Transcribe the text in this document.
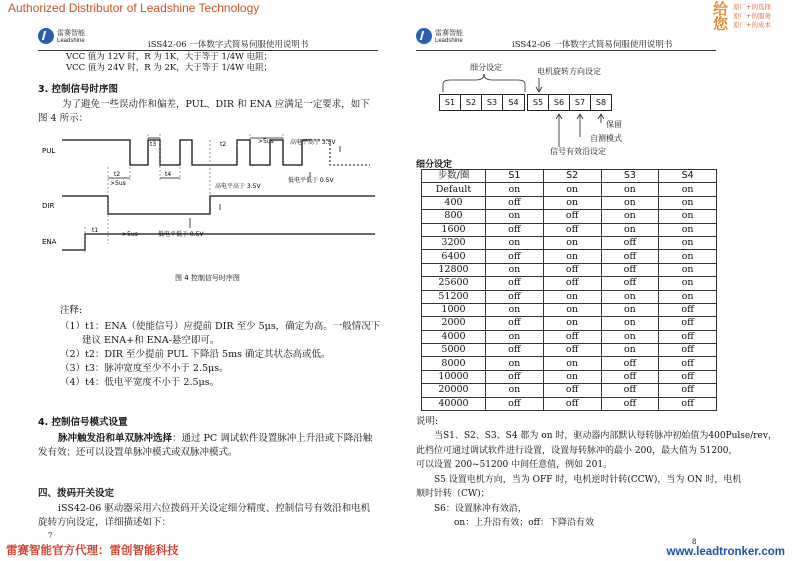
Authorized Distributor of Leadshine Technology	给您
原厂+的选择
原厂+的服务
原厂+的成本
雷赛智能
Leadshine	iSS42-06 一体数字式简易伺服使用说明书
VCC 值为 12V 时，R 为 1K，大于等于 1/4W 电阻；
VCC 值为 24V 时，R 为 2K，大于等于 1/4W 电阻；
3. 控制信号时序图
为了避免一些误动作和偏差，PUL、DIR 和 ENA 应满足一定要求，如下
图 4 所示：
PUL
DIR
ENA
t3	t2	>5us	高电平高于 3.5V
t2
>5us
t4
低电平低于 0.5V
高电平高于 3.5V
低电平低于 0.5V
t1
>5us
图 4 控制信号时序图
注释:
（1）t1：ENA（使能信号）应提前 DIR 至少 5μs，确定为高。一般情况下
建议 ENA+和 ENA-悬空即可。
（2）t2：DIR 至少提前 PUL 下降沿 5ms 确定其状态高或低。
（3）t3：脉冲宽度至少不小于 2.5μs。
（4）t4：低电平宽度不小于 2.5μs。
4. 控制信号模式设置
脉冲触发沿和单双脉冲选择：通过 PC 调试软件设置脉冲上升沿或下降沿触
发有效；还可以设置单脉冲模式或双脉冲模式。
四、拨码开关设定
iSS42-06 驱动器采用六位拨码开关设定细分精度、控制信号有效沿和电机
旋转方向设定，详细描述如下：
7
雷赛智能
Leadshine	iSS42-06 一体数字式简易伺服使用说明书
细分设定	电机旋转方向设定
S1	S2	S3	S4	S5	S6	S7	S8
保留
自测模式
信号有效沿设定
细分设定
步数/圈	S1	S2	S3	S4
Default	on	on	on	on
400	off	on	on	on
800	on	off	on	on
1600	off	off	on	on
3200	on	on	off	on
6400	off	on	off	on
12800	on	off	off	on
25600	off	off	off	on
51200	off	on	on	on
1000	on	on	on	off
2000	off	on	on	off
4000	on	off	on	off
5000	off	off	on	off
8000	on	on	off	off
10000	off	on	off	off
20000	on	off	off	off
40000	off	off	off	off
说明:
当S1、S2、S3、S4 都为 on 时，驱动器内部默认每转脉冲初始值为400Pulse/rev，
此档位可通过调试软件进行设置，设置每转脉冲的最小 200，最大值为 51200，
可以设置 200~51200 中间任意值，例如 201。
S5 设置电机方向，当为 OFF 时，电机逆时针转(CCW)，当为 ON 时，电机
顺时针转（CW)；
S6：设置脉冲有效沿，
on：上升沿有效；off：下降沿有效
8
雷赛智能官方代理：雷创智能科技	www.leadtronker.com
